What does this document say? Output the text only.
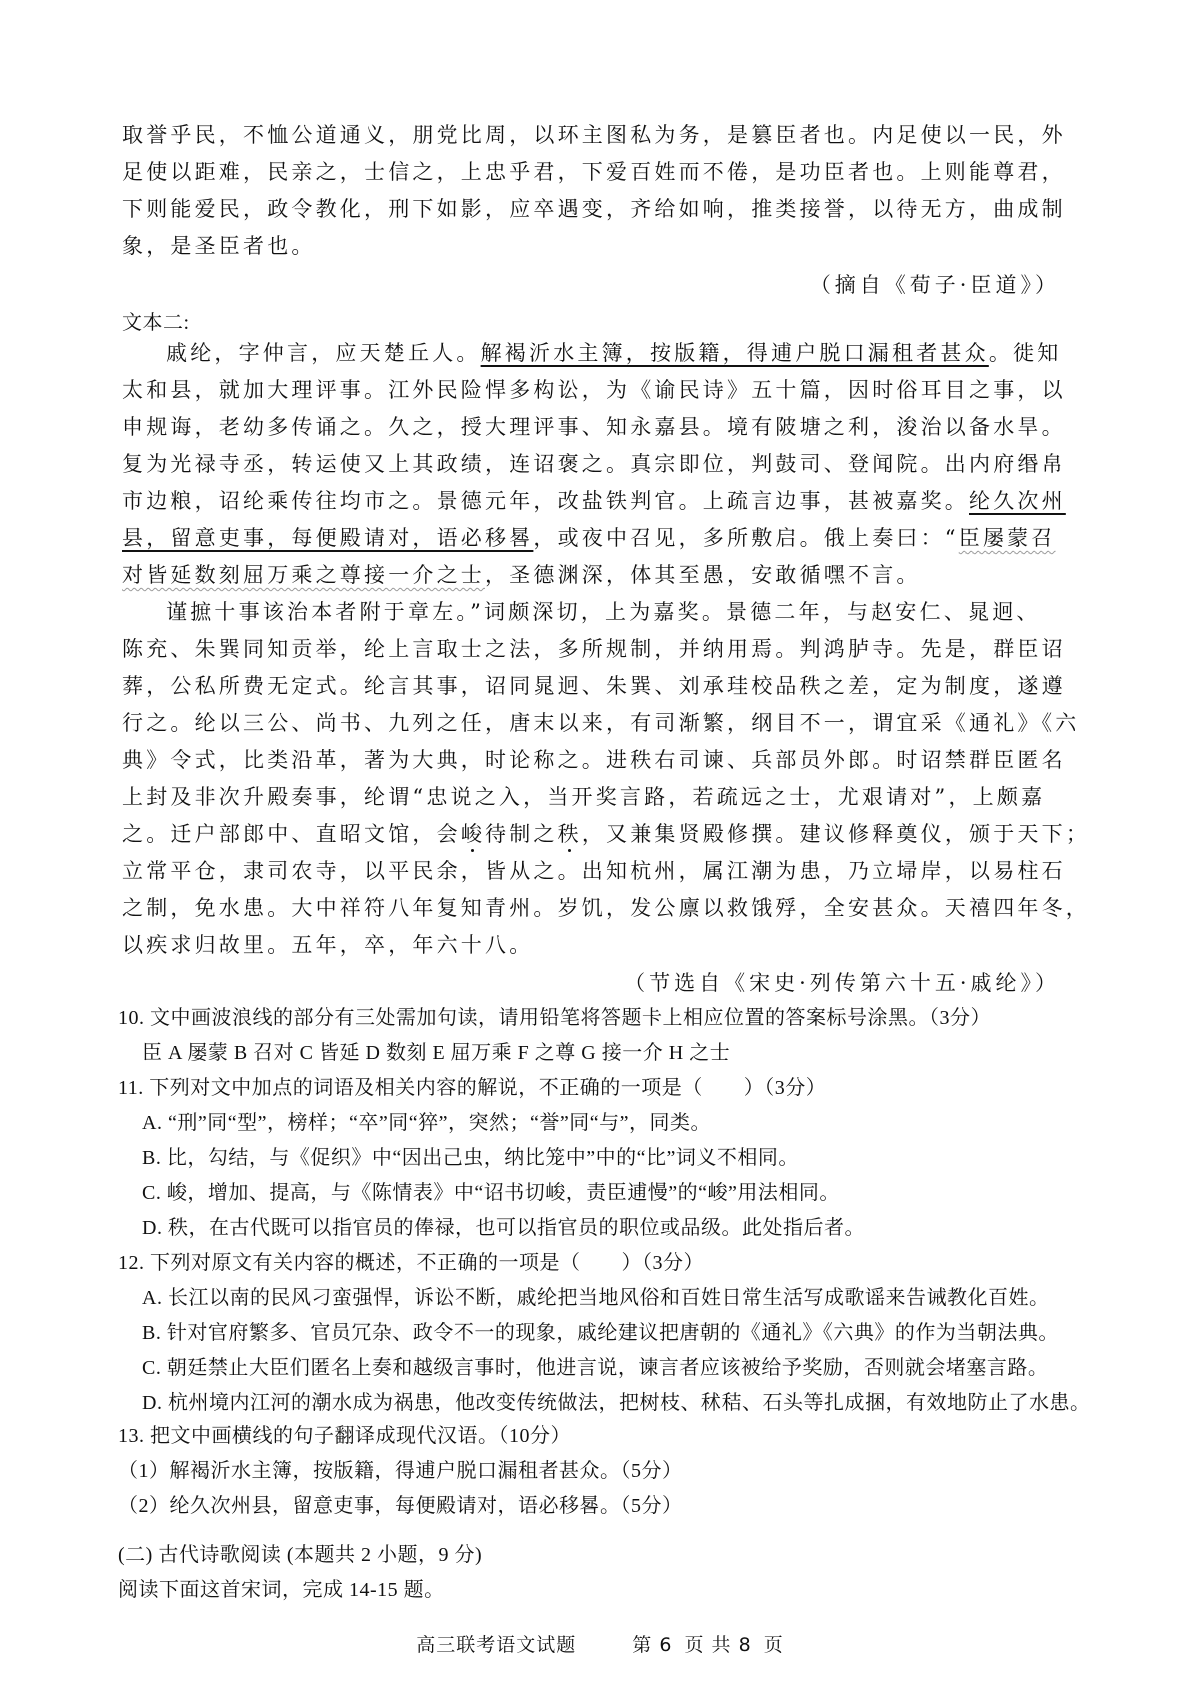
取誉乎民，不恤公道通义，朋党比周，以环主图私为务，是篡臣者也。内足使以一民，外
足使以距难，民亲之，士信之，上忠乎君，下爱百姓而不倦，是功臣者也。上则能尊君，
下则能爱民，政令教化，刑下如影，应卒遇变，齐给如响，推类接誉，以待无方，曲成制
象，是圣臣者也。
（摘自《荀子·臣道》）
文本二:
戚纶，字仲言，应天楚丘人。解褐沂水主簿，按版籍，得逋户脱口漏租者甚众。徙知
太和县，就加大理评事。江外民险悍多构讼，为《谕民诗》五十篇，因时俗耳目之事，以
申规诲，老幼多传诵之。久之，授大理评事、知永嘉县。境有陂塘之利，浚治以备水旱。
复为光禄寺丞，转运使又上其政绩，连诏褒之。真宗即位，判鼓司、登闻院。出内府缗帛
市边粮，诏纶乘传往均市之。景德元年，改盐铁判官。上疏言边事，甚被嘉奖。纶久次州
县，留意吏事，每便殿请对，语必移晷，或夜中召见，多所敷启。俄上奏曰：“臣屡蒙召
对皆延数刻屈万乘之尊接一介之士，圣德渊深，体其至愚，安敢循嘿不言。
谨摭十事该治本者附于章左。”词颇深切，上为嘉奖。景德二年，与赵安仁、晁迥、
陈充、朱巽同知贡举，纶上言取士之法，多所规制，并纳用焉。判鸿胪寺。先是，群臣诏
葬，公私所费无定式。纶言其事，诏同晁迥、朱巽、刘承珪校品秩之差，定为制度，遂遵
行之。纶以三公、尚书、九列之任，唐末以来，有司渐繁，纲目不一，谓宜采《通礼》《六
典》令式，比类沿革，著为大典，时论称之。进秩右司谏、兵部员外郎。时诏禁群臣匿名
上封及非次升殿奏事，纶谓“忠说之入，当开奖言路，若疏远之士，尤艰请对”，上颇嘉
之。迁户部郎中、直昭文馆，会峻待制之秩，又兼集贤殿修撰。建议修释奠仪，颁于天下；
立常平仓，隶司农寺，以平民余，皆从之。出知杭州，属江潮为患，乃立埽岸，以易柱石
之制，免水患。大中祥符八年复知青州。岁饥，发公廪以救饿殍，全安甚众。天禧四年冬，
以疾求归故里。五年，卒，年六十八。
（节选自《宋史·列传第六十五·戚纶》）
10. 文中画波浪线的部分有三处需加句读，请用铅笔将答题卡上相应位置的答案标号涂黑。（3分）
臣 A 屡蒙 B 召对 C 皆延 D 数刻 E 屈万乘 F 之尊 G 接一介 H 之士
11. 下列对文中加点的词语及相关内容的解说，不正确的一项是（　　）（3分）
A. “刑”同“型”，榜样；“卒”同“猝”，突然；“誉”同“与”，同类。
B. 比，勾结，与《促织》中“因出己虫，纳比笼中”中的“比”词义不相同。
C. 峻，增加、提高，与《陈情表》中“诏书切峻，责臣逋慢”的“峻”用法相同。
D. 秩，在古代既可以指官员的俸禄，也可以指官员的职位或品级。此处指后者。
12. 下列对原文有关内容的概述，不正确的一项是（　　）（3分）
A. 长江以南的民风刁蛮强悍，诉讼不断，戚纶把当地风俗和百姓日常生活写成歌谣来告诫教化百姓。
B. 针对官府繁多、官员冗杂、政令不一的现象，戚纶建议把唐朝的《通礼》《六典》的作为当朝法典。
C. 朝廷禁止大臣们匿名上奏和越级言事时，他进言说，谏言者应该被给予奖励，否则就会堵塞言路。
D. 杭州境内江河的潮水成为祸患，他改变传统做法，把树枝、秫秸、石头等扎成捆，有效地防止了水患。
13. 把文中画横线的句子翻译成现代汉语。（10分）
（1）解褐沂水主簿，按版籍，得逋户脱口漏租者甚众。（5分）
（2）纶久次州县，留意吏事，每便殿请对，语必移晷。（5分）
(二) 古代诗歌阅读 (本题共 2 小题，9 分)
阅读下面这首宋词，完成 14-15 题。
高三联考语文试题	第 6 页 共 8 页
